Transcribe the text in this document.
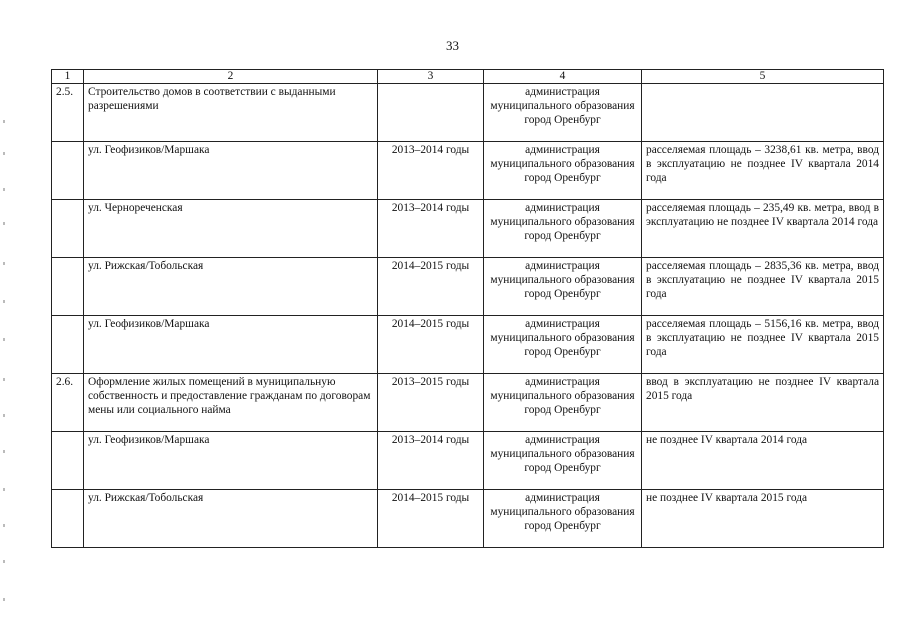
33
1	2	3	4	5
2.5.	Строительство домов в соответствии с выданными разрешениями		администрация муниципального образования город Оренбург	
	ул. Геофизиков/Маршака	2013–2014 годы	администрация муниципального образования город Оренбург	расселяемая площадь – 3238,61 кв. метра, ввод в эксплуатацию не позднее IV квартала 2014 года
	ул. Чернореченская	2013–2014 годы	администрация муниципального образования город Оренбург	расселяемая площадь – 235,49 кв. метра, ввод в эксплуатацию не позднее IV квартала 2014 года
	ул. Рижская/Тобольская	2014–2015 годы	администрация муниципального образования город Оренбург	расселяемая площадь – 2835,36 кв. метра, ввод в эксплуатацию не позднее IV квартала 2015 года
	ул. Геофизиков/Маршака	2014–2015 годы	администрация муниципального образования город Оренбург	расселяемая площадь – 5156,16 кв. метра, ввод в эксплуатацию не позднее IV квартала 2015 года
2.6.	Оформление жилых помещений в муниципальную собственность и предоставление гражданам по договорам мены или социального найма	2013–2015 годы	администрация муниципального образования город Оренбург	ввод в эксплуатацию не позднее IV квартала 2015 года
	ул. Геофизиков/Маршака	2013–2014 годы	администрация муниципального образования город Оренбург	не позднее IV квартала 2014 года
	ул. Рижская/Тобольская	2014–2015 годы	администрация муниципального образования город Оренбург	не позднее IV квартала 2015 года
